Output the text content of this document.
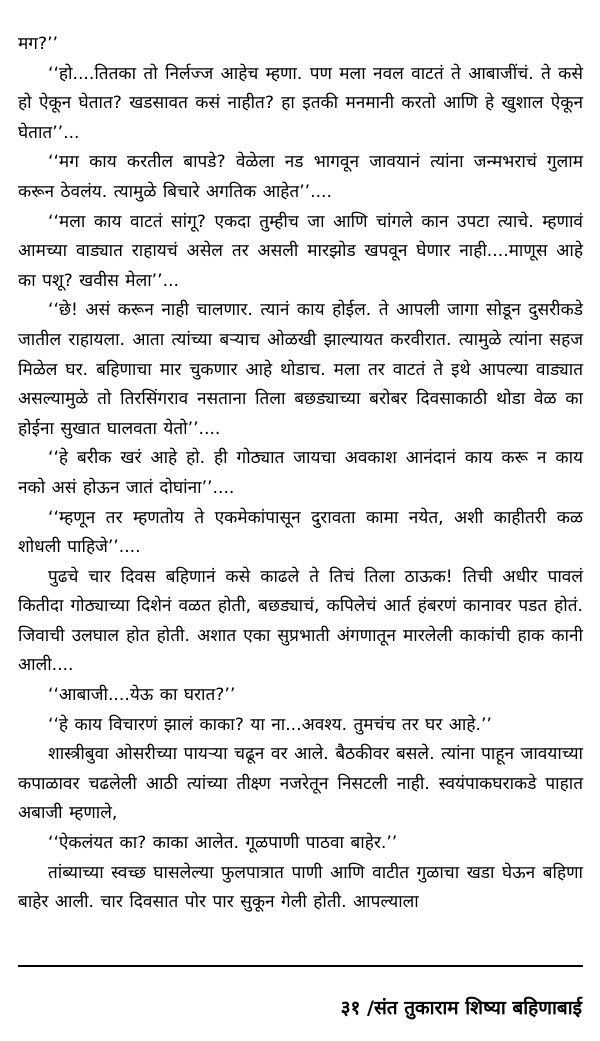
मग?’’

‘‘हो....तितका तो निर्लज्ज आहेच म्हणा. पण मला नवल वाटतं ते आबाजींचं. ते कसे हो ऐकून घेतात? खडसावत कसं नाहीत? हा इतकी मनमानी करतो आणि हे खुशाल ऐकून घेतात’’...

‘‘मग काय करतील बापडे? वेळेला नड भागवून जावयानं त्यांना जन्मभराचं गुलाम करून ठेवलंय. त्यामुळे बिचारे अगतिक आहेत’’....

‘‘मला काय वाटतं सांगू? एकदा तुम्हीच जा आणि चांगले कान उपटा त्याचे. म्हणावं आमच्या वाड्यात राहायचं असेल तर असली मारझोड खपवून घेणार नाही....माणूस आहे का पशू? खवीस मेला’’...

‘‘छे! असं करून नाही चालणार. त्यानं काय होईल. ते आपली जागा सोडून दुसरीकडे जातील राहायला. आता त्यांच्या बऱ्याच ओळखी झाल्यायत करवीरात. त्यामुळे त्यांना सहज मिळेल घर. बहिणाचा मार चुकणार आहे थोडाच. मला तर वाटतं ते इथे आपल्या वाड्यात असल्यामुळे तो तिरसिंगराव नसताना तिला बछड्याच्या बरोबर दिवसाकाठी थोडा वेळ का होईना सुखात घालवता येतो’’....

‘‘हे बरीक खरं आहे हो. ही गोठ्यात जायचा अवकाश आनंदानं काय करू न काय नको असं होऊन जातं दोघांना’’....

‘‘म्हणून तर म्हणतोय ते एकमेकांपासून दुरावता कामा नयेत, अशी काहीतरी कळ शोधली पाहिजे’’....

पुढचे चार दिवस बहिणानं कसे काढले ते तिचं तिला ठाऊक! तिची अधीर पावलं कितीदा गोठ्याच्या दिशेनं वळत होती, बछड्याचं, कपिलेचं आर्त हंबरणं कानावर पडत होतं. जिवाची उलघाल होत होती. अशात एका सुप्रभाती अंगणातून मारलेली काकांची हाक कानी आली....

‘‘आबाजी....येऊ का घरात?’’

‘‘हे काय विचारणं झालं काका? या ना...अवश्य. तुमचंच तर घर आहे.’’

शास्त्रीबुवा ओसरीच्या पायऱ्या चढून वर आले. बैठकीवर बसले. त्यांना पाहून जावयाच्या कपाळावर चढलेली आठी त्यांच्या तीक्ष्ण नजरेतून निसटली नाही. स्वयंपाकघराकडे पाहात अबाजी म्हणाले,

‘‘ऐकलंयत का? काका आलेत. गूळपाणी पाठवा बाहेर.’’

तांब्याच्या स्वच्छ घासलेल्या फुलपात्रात पाणी आणि वाटीत गुळाचा खडा घेऊन बहिणा बाहेर आली. चार दिवसात पोर पार सुकून गेली होती. आपल्याला

३१ /संत तुकाराम शिष्या बहिणाबाई
